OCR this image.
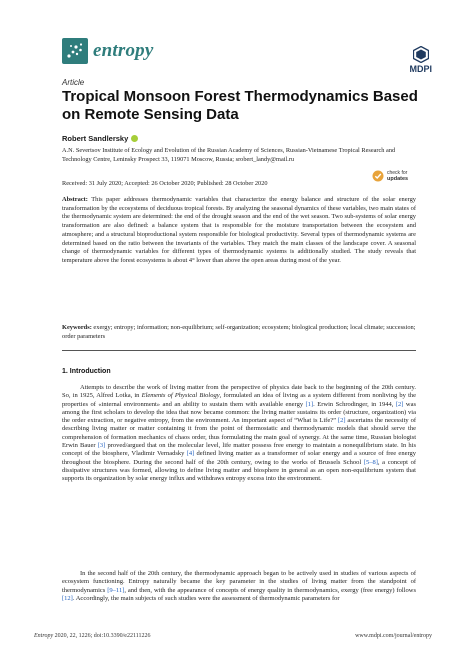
entropy
MDPI
Article
Tropical Monsoon Forest Thermodynamics Based on Remote Sensing Data
Robert Sandlersky
A.N. Severtsov Institute of Ecology and Evolution of the Russian Academy of Sciences, Russian-Vietnamese Tropical Research and Technology Centre, Leninsky Prospect 33, 119071 Moscow, Russia; srobert_landy@mail.ru
Received: 31 July 2020; Accepted: 26 October 2020; Published: 28 October 2020
check for
updates
Abstract: This paper addresses thermodynamic variables that characterize the energy balance and structure of the solar energy transformation by the ecosystems of deciduous tropical forests. By analyzing the seasonal dynamics of these variables, two main states of the thermodynamic system are determined: the end of the drought season and the end of the wet season. Two sub-systems of solar energy transformation are also defined: a balance system that is responsible for the moisture transportation between the ecosystem and atmosphere; and a structural bioproductional system responsible for biological productivity. Several types of thermodynamic systems are determined based on the ratio between the invariants of the variables. They match the main classes of the landscape cover. A seasonal change of thermodynamic variables for different types of thermodynamic systems is additionally studied. The study reveals that temperature above the forest ecosystems is about 4° lower than above the open areas during most of the year.
Keywords: exergy; entropy; information; non-equilibrium; self-organization; ecosystem; biological production; local climate; succession; order parameters
1. Introduction
Attempts to describe the work of living matter from the perspective of physics date back to the beginning of the 20th century. So, in 1925, Alfred Lotka, in Elements of Physical Biology, formulated an idea of living as a system different from nonliving by the properties of «internal environment» and an ability to sustain them with available energy [1]. Erwin Schrodinger, in 1944, [2] was among the first scholars to develop the idea that now became common: the living matter sustains its order (structure, organization) via the order extraction, or negative entropy, from the environment. An important aspect of “What is Life?” [2] ascertains the necessity of describing living matter or matter containing it from the point of thermostatic and thermodynamic models that should serve the comprehension of formation mechanics of chaos order, thus formulating the main goal of synergy. At the same time, Russian biologist Erwin Bauer [3] proved/argued that on the molecular level, life matter possess free energy to maintain a nonequilibrium state. In his concept of the biosphere, Vladimir Vernadsky [4] defined living matter as a transformer of solar energy and a source of free energy throughout the biosphere. During the second half of the 20th century, owing to the works of Brussels School [5–8], a concept of dissipative structures was formed, allowing to define living matter and biosphere in general as an open non-equilibrium system that supports its organization by solar energy influx and withdraws entropy excess into the environment.
In the second half of the 20th century, the thermodynamic approach began to be actively used in studies of various aspects of ecosystem functioning. Entropy naturally became the key parameter in the studies of living matter from the standpoint of thermodynamics [9–11], and then, with the appearance of concepts of energy quality in thermodynamics, exergy (free energy) follows [12]. Accordingly, the main subjects of such studies were the assessment of thermodynamic parameters for
Entropy 2020, 22, 1226; doi:10.3390/e22111226	www.mdpi.com/journal/entropy
